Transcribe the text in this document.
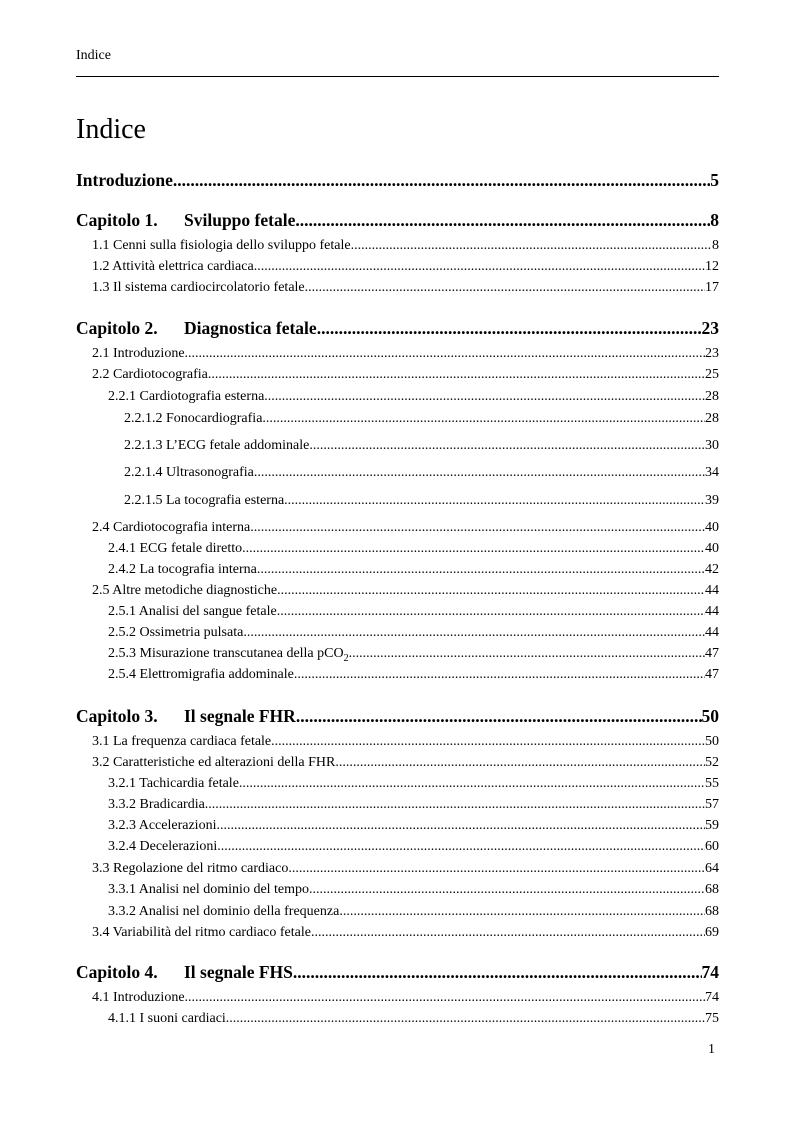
Indice
Indice
Introduzione .....	5
Capitolo 1. Sviluppo fetale .....	8
1.1 Cenni sulla fisiologia dello sviluppo fetale .....	8
1.2 Attività elettrica cardiaca .....	12
1.3 Il sistema cardiocircolatorio fetale .....	17
Capitolo 2. Diagnostica fetale .....	23
2.1 Introduzione .....	23
2.2 Cardiotocografia .....	25
2.2.1 Cardiotografia esterna .....	28
2.2.1.2 Fonocardiografia .....	28
2.2.1.3 L’ECG fetale addominale .....	30
2.2.1.4 Ultrasonografia .....	34
2.2.1.5 La tocografia esterna .....	39
2.4 Cardiotocografia interna .....	40
2.4.1 ECG fetale diretto .....	40
2.4.2 La tocografia interna .....	42
2.5 Altre metodiche diagnostiche .....	44
2.5.1 Analisi del sangue fetale .....	44
2.5.2 Ossimetria pulsata .....	44
2.5.3 Misurazione transcutanea della pCO$_2$ .....	47
2.5.4 Elettromigrafia addominale .....	47
Capitolo 3. Il segnale FHR .....	50
3.1 La frequenza cardiaca fetale .....	50
3.2 Caratteristiche ed alterazioni della FHR .....	52
3.2.1 Tachicardia fetale .....	55
3.3.2 Bradicardia .....	57
3.2.3 Accelerazioni .....	59
3.2.4 Decelerazioni .....	60
3.3 Regolazione del ritmo cardiaco .....	64
3.3.1 Analisi nel dominio del tempo .....	68
3.3.2 Analisi nel dominio della frequenza .....	68
3.4 Variabilità del ritmo cardiaco fetale .....	69
Capitolo 4. Il segnale FHS .....	74
4.1 Introduzione .....	74
4.1.1 I suoni cardiaci .....	75
1
